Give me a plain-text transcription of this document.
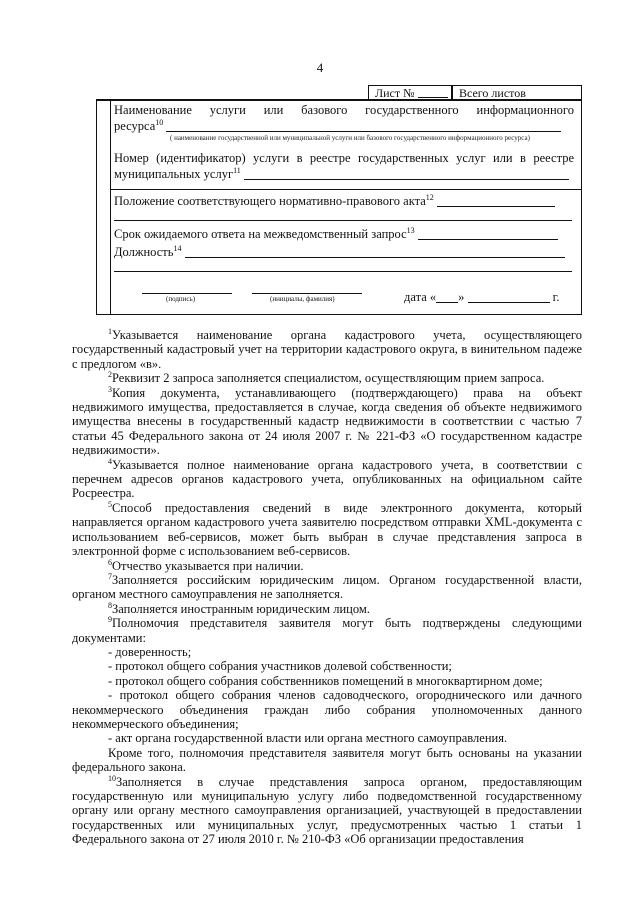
4
Лист №	Всего листов
Наименование услуги или базового государственного информационного
ресурса$^{10}$
( наименование государственной или муниципальной услуги или базового государственного информационного ресурса)
Номер (идентификатор) услуги в реестре государственных услуг или в реестре
муниципальных услуг$^{11}$
Положение соответствующего нормативно-правового акта$^{12}$
Срок ожидаемого ответа на межведомственный запрос$^{13}$
Должность$^{14}$
(подпись)	(инициалы, фамилия)	дата « »	г.

$^1$Указывается наименование органа кадастрового учета, осуществляющего государственный кадастровый учет на территории кадастрового округа, в винительном падеже с предлогом «в».

$^2$Реквизит 2 запроса заполняется специалистом, осуществляющим прием запроса.

$^3$Копия документа, устанавливающего (подтверждающего) права на объект недвижимого имущества, предоставляется в случае, когда сведения об объекте недвижимого имущества внесены в государственный кадастр недвижимости в соответствии с частью 7 статьи 45 Федерального закона от 24 июля 2007 г. № 221-ФЗ «О государственном кадастре недвижимости».

$^4$Указывается полное наименование органа кадастрового учета, в соответствии с перечнем адресов органов кадастрового учета, опубликованных на официальном сайте Росреестра.

$^5$Способ предоставления сведений в виде электронного документа, который направляется органом кадастрового учета заявителю посредством отправки XML-документа с использованием веб-сервисов, может быть выбран в случае представления запроса в электронной форме с использованием веб-сервисов.

$^6$Отчество указывается при наличии.

$^7$Заполняется российским юридическим лицом. Органом государственной власти, органом местного самоуправления не заполняется.

$^8$Заполняется иностранным юридическим лицом.

$^9$Полномочия представителя заявителя могут быть подтверждены следующими документами:

- доверенность;

- протокол общего собрания участников долевой собственности;

- протокол общего собрания собственников помещений в многоквартирном доме;

- протокол общего собрания членов садоводческого, огороднического или дачного некоммерческого объединения граждан либо собрания уполномоченных данного некоммерческого объединения;

- акт органа государственной власти или органа местного самоуправления.

Кроме того, полномочия представителя заявителя могут быть основаны на указании федерального закона.

$^{10}$Заполняется в случае представления запроса органом, предоставляющим государственную или муниципальную услугу либо подведомственной государственному органу или органу местного самоуправления организацией, участвующей в предоставлении государственных или муниципальных услуг, предусмотренных частью 1 статьи 1 Федерального закона от 27 июля 2010 г. № 210-ФЗ «Об организации предоставления
